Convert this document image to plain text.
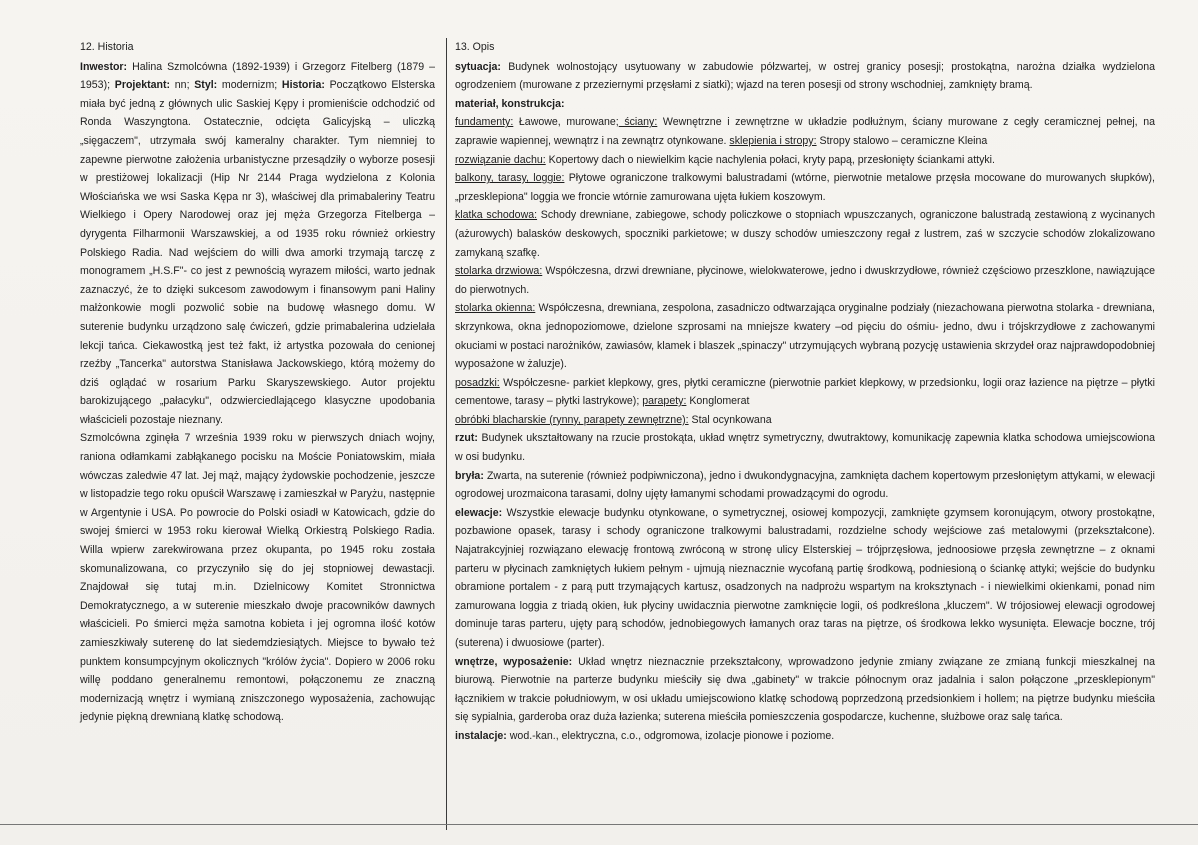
12. Historia

Inwestor: Halina Szmolcówna (1892-1939) i Grzegorz Fitelberg (1879 – 1953); Projektant: nn; Styl: modernizm; Historia: Początkowo Elsterska miała być jedną z głównych ulic Saskiej Kępy i promieniście odchodzić od Ronda Waszyngtona. Ostatecznie, odcięta Galicyjską – uliczką „sięgaczem", utrzymała swój kameralny charakter. Tym niemniej to zapewne pierwotne założenia urbanistyczne przesądziły o wyborze posesji w prestiżowej lokalizacji (Hip Nr 2144 Praga wydzielona z Kolonia Włościańska we wsi Saska Kępa nr 3), właściwej dla primabaleriny Teatru Wielkiego i Opery Narodowej oraz jej męża Grzegorza Fitelberga – dyrygenta Filharmonii Warszawskiej, a od 1935 roku również orkiestry Polskiego Radia. Nad wejściem do willi dwa amorki trzymają tarczę z monogramem „H.S.F"- co jest z pewnością wyrazem miłości, warto jednak zaznaczyć, że to dzięki sukcesom zawodowym i finansowym pani Haliny małżonkowie mogli pozwolić sobie na budowę własnego domu. W suterenie budynku urządzono salę ćwiczeń, gdzie primabalerina udzielała lekcji tańca. Ciekawostką jest też fakt, iż artystka pozowała do cenionej rzeźby „Tancerka" autorstwa Stanisława Jackowskiego, którą możemy do dziś oglądać w rosarium Parku Skaryszewskiego. Autor projektu barokizującego „pałacyku", odzwierciedlającego klasyczne upodobania właścicieli pozostaje nieznany.

Szmolcówna zginęła 7 września 1939 roku w pierwszych dniach wojny, raniona odłamkami zabłąkanego pocisku na Moście Poniatowskim, miała wówczas zaledwie 47 lat. Jej mąż, mający żydowskie pochodzenie, jeszcze w listopadzie tego roku opuścił Warszawę i zamieszkał w Paryżu, następnie w Argentynie i USA. Po powrocie do Polski osiadł w Katowicach, gdzie do swojej śmierci w 1953 roku kierował Wielką Orkiestrą Polskiego Radia. Willa wpierw zarekwirowana przez okupanta, po 1945 roku została skomunalizowana, co przyczyniło się do jej stopniowej dewastacji. Znajdował się tutaj m.in. Dzielnicowy Komitet Stronnictwa Demokratycznego, a w suterenie mieszkało dwoje pracowników dawnych właścicieli. Po śmierci męża samotna kobieta i jej ogromna ilość kotów zamieszkiwały suterenę do lat siedemdziesiątych. Miejsce to bywało też punktem konsumpcyjnym okolicznych "królów życia". Dopiero w 2006 roku willę poddano generalnemu remontowi, połączonemu ze znaczną modernizacją wnętrz i wymianą zniszczonego wyposażenia, zachowując jedynie piękną drewnianą klatkę schodową.

13. Opis

sytuacja: Budynek wolnostojący usytuowany w zabudowie półzwartej, w ostrej granicy posesji; prostokątna, narożna działka wydzielona ogrodzeniem (murowane z przeziernymi przęsłami z siatki); wjazd na teren posesji od strony wschodniej, zamknięty bramą.

materiał, konstrukcja:

fundamenty: Ławowe, murowane; ściany: Wewnętrzne i zewnętrzne w układzie podłużnym, ściany murowane z cegły ceramicznej pełnej, na zaprawie wapiennej, wewnątrz i na zewnątrz otynkowane. sklepienia i stropy: Stropy stalowo – ceramiczne Kleina

rozwiązanie dachu: Kopertowy dach o niewielkim kącie nachylenia połaci, kryty papą, przesłonięty ściankami attyki.

balkony, tarasy, loggie: Płytowe ograniczone tralkowymi balustradami (wtórne, pierwotnie metalowe przęsła mocowane do murowanych słupków), „przesklepiona" loggia we froncie wtórnie zamurowana ujęta łukiem koszowym.

klatka schodowa: Schody drewniane, zabiegowe, schody policzkowe o stopniach wpuszczanych, ograniczone balustradą zestawioną z wycinanych (ażurowych) balasków deskowych, spoczniki parkietowe; w duszy schodów umieszczony regał z lustrem, zaś w szczycie schodów zlokalizowano zamykaną szafkę.

stolarka drzwiowa: Współczesna, drzwi drewniane, płycinowe, wielokwaterowe, jedno i dwuskrzydłowe, również częściowo przeszklone, nawiązujące do pierwotnych.

stolarka okienna: Współczesna, drewniana, zespolona, zasadniczo odtwarzająca oryginalne podziały (niezachowana pierwotna stolarka - drewniana, skrzynkowa, okna jednopoziomowe, dzielone szprosami na mniejsze kwatery –od pięciu do ośmiu- jedno, dwu i trójskrzydłowe z zachowanymi okuciami w postaci narożników, zawiasów, klamek i blaszek „spinaczy" utrzymujących wybraną pozycję ustawienia skrzydeł oraz najprawdopodobniej wyposażone w żaluzje).

posadzki: Współczesne- parkiet klepkowy, gres, płytki ceramiczne (pierwotnie parkiet klepkowy, w przedsionku, logii oraz łazience na piętrze – płytki cementowe, tarasy – płytki lastrykowe); parapety: Konglomerat

obróbki blacharskie (rynny, parapety zewnętrzne): Stal ocynkowana

rzut: Budynek ukształtowany na rzucie prostokąta, układ wnętrz symetryczny, dwutraktowy, komunikację zapewnia klatka schodowa umiejscowiona w osi budynku.

bryła: Zwarta, na suterenie (również podpiwniczona), jedno i dwukondygnacyjna, zamknięta dachem kopertowym przesłoniętym attykami, w elewacji ogrodowej urozmaicona tarasami, dolny ujęty łamanymi schodami prowadzącymi do ogrodu.

elewacje: Wszystkie elewacje budynku otynkowane, o symetrycznej, osiowej kompozycji, zamknięte gzymsem koronującym, otwory prostokątne, pozbawione opasek, tarasy i schody ograniczone tralkowymi balustradami, rozdzielne schody wejściowe zaś metalowymi (przekształcone). Najatrakcyjniej rozwiązano elewację frontową zwróconą w stronę ulicy Elsterskiej – trójprzęsłowa, jednoosiowe przęsła zewnętrzne – z oknami parteru w płycinach zamkniętych łukiem pełnym - ujmują nieznacznie wycofaną partię środkową, podniesioną o ściankę attyki; wejście do budynku obramione portalem - z parą putt trzymających kartusz, osadzonych na nadprożu wspartym na kroksztynach - i niewielkimi okienkami, ponad nim zamurowana loggia z triadą okien, łuk płyciny uwidacznia pierwotne zamknięcie logii, oś podkreślona „kluczem". W trójosiowej elewacji ogrodowej dominuje taras parteru, ujęty parą schodów, jednobiegowych łamanych oraz taras na piętrze, oś środkowa lekko wysunięta. Elewacje boczne, trój (suterena) i dwuosiowe (parter).

wnętrze, wyposażenie: Układ wnętrz nieznacznie przekształcony, wprowadzono jedynie zmiany związane ze zmianą funkcji mieszkalnej na biurową. Pierwotnie na parterze budynku mieściły się dwa „gabinety" w trakcie północnym oraz jadalnia i salon połączone „przesklepionym" łącznikiem w trakcie południowym, w osi układu umiejscowiono klatkę schodową poprzedzoną przedsionkiem i hollem; na piętrze budynku mieściła się sypialnia, garderoba oraz duża łazienka; suterena mieściła pomieszczenia gospodarcze, kuchenne, służbowe oraz salę tańca.

instalacje: wod.-kan., elektryczna, c.o., odgromowa, izolacje pionowe i poziome.
